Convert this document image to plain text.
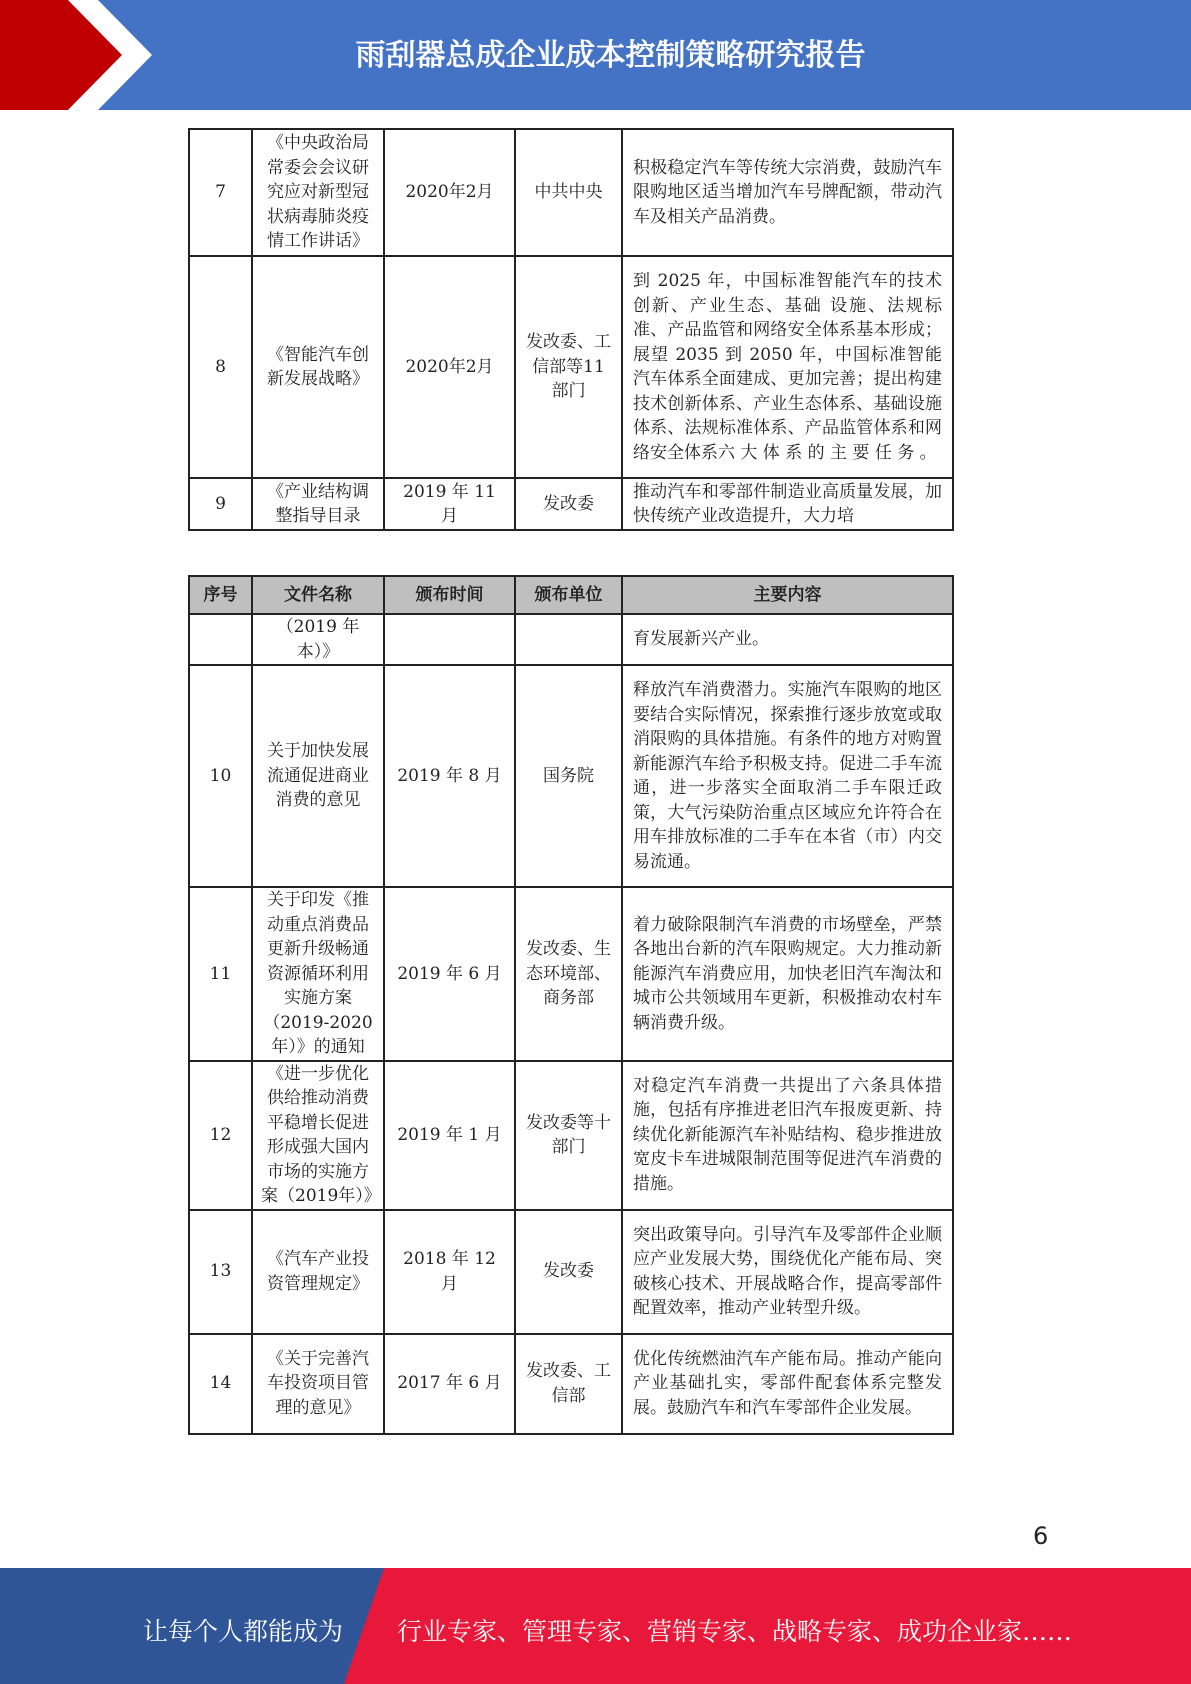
雨刮器总成企业成本控制策略研究报告
7	《中央政治局常委会会议研究应对新型冠状病毒肺炎疫情工作讲话》	2020年2月	中共中央	积极稳定汽车等传统大宗消费，鼓励汽车限购地区适当增加汽车号牌配额，带动汽车及相关产品消费。
8	《智能汽车创新发展战略》	2020年2月	发改委、工信部等11部门	到 2025 年，中国标准智能汽车的技术创新、产业生态、基础 设施、法规标准、产品监管和网络安全体系基本形成；展望 2035 到 2050 年，中国标准智能汽车体系全面建成、更加完善；提出构建技术创新体系、产业生态体系、基础设施体系、法规标准体系、产品监管体系和网络安全体系六 大 体 系 的 主 要 任 务 。
9	《产业结构调整指导目录	2019 年 11 月	发改委	推动汽车和零部件制造业高质量发展，加快传统产业改造提升，大力培
序号	文件名称	颁布时间	颁布单位	主要内容
	（2019 年本）》			育发展新兴产业。
10	关于加快发展流通促进商业消费的意见	2019 年 8 月	国务院	释放汽车消费潜力。实施汽车限购的地区要结合实际情况，探索推行逐步放宽或取消限购的具体措施。有条件的地方对购置新能源汽车给予积极支持。促进二手车流通，进一步落实全面取消二手车限迁政策，大气污染防治重点区域应允许符合在用车排放标准的二手车在本省（市）内交易流通。
11	关于印发《推动重点消费品更新升级畅通资源循环利用实施方案（2019-2020年）》的通知	2019 年 6 月	发改委、生态环境部、商务部	着力破除限制汽车消费的市场壁垒，严禁各地出台新的汽车限购规定。大力推动新能源汽车消费应用，加快老旧汽车淘汰和城市公共领域用车更新，积极推动农村车辆消费升级。
12	《进一步优化供给推动消费平稳增长促进形成强大国内市场的实施方案（2019年）》	2019 年 1 月	发改委等十部门	对稳定汽车消费一共提出了六条具体措施，包括有序推进老旧汽车报废更新、持续优化新能源汽车补贴结构、稳步推进放宽皮卡车进城限制范围等促进汽车消费的措施。
13	《汽车产业投资管理规定》	2018 年 12 月	发改委	突出政策导向。引导汽车及零部件企业顺应产业发展大势，围绕优化产能布局、突破核心技术、开展战略合作，提高零部件配置效率，推动产业转型升级。
14	《关于完善汽车投资项目管理的意见》	2017 年 6 月	发改委、工信部	优化传统燃油汽车产能布局。推动产能向产业基础扎实，零部件配套体系完整发展。鼓励汽车和汽车零部件企业发展。
6
让每个人都能成为 行业专家、管理专家、营销专家、战略专家、成功企业家……
